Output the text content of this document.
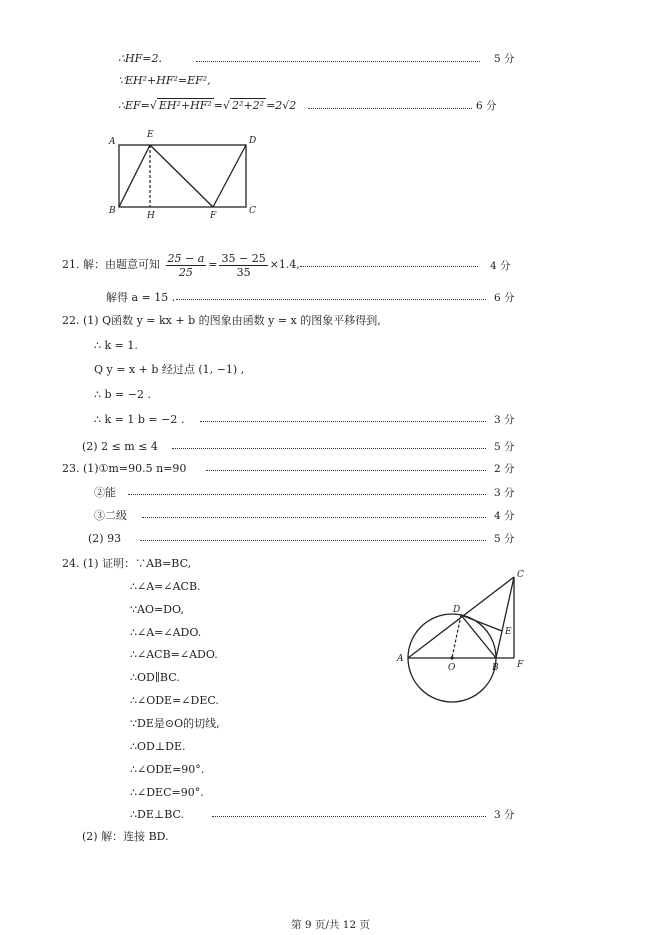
∴HF=2.	5 分
∵EH²+HF²=EF²,
∴EF=√ EH²+HF² =√ 2²+2² =2√2	6 分
A
E
D
B	H	F	C
21. 解：由题意可知 $\frac{25 - a}{25} = \frac{35 - 25}{35} \times 1.4$,	4 分
解得 a = 15 .	6 分
22. (1) Q函数 y = kx + b 的图象由函数 y = x 的图象平移得到,
∴ k = 1.
Q y = x + b 经过点 (1, −1) ,
∴ b = −2 .
∴ k = 1 b = −2 .	3 分
(2) 2 ≤ m ≤ 4	5 分
23. (1)①m=90.5 n=90	2 分
②能	3 分
③二级	4 分
(2) 93	5 分
24. (1) 证明：∵AB=BC,
∴∠A=∠ACB.
∵AO=DO,
∴∠A=∠ADO.
∴∠ACB=∠ADO.
∴OD∥BC.
∴∠ODE=∠DEC.
∵DE是⊙O的切线,
∴OD⊥DE.
∴∠ODE=90°.
∴∠DEC=90°.
∴DE⊥BC.	3 分
(2) 解：连接 BD.
A
O	B F
E
D
C
第 9 页/共 12 页
